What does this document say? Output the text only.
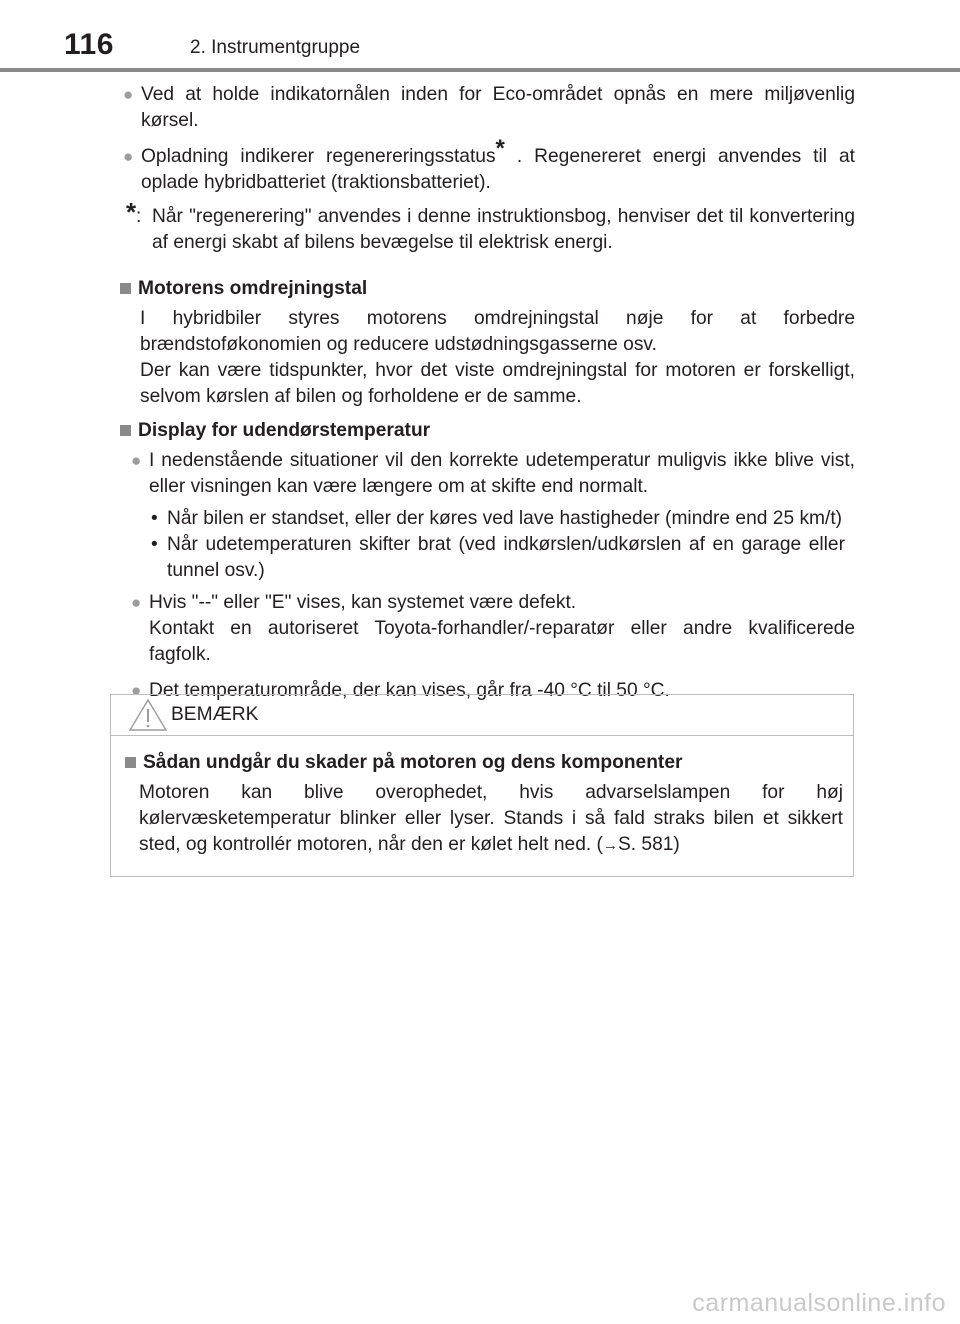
116	2. Instrumentgruppe
● Ved at holde indikatornålen inden for Eco-området opnås en mere miljøvenlig kørsel.
● Opladning indikerer regenereringsstatus* . Regenereret energi anvendes til at oplade hybridbatteriet (traktionsbatteriet).
* : Når "regenerering" anvendes i denne instruktionsbog, henviser det til konvertering af energi skabt af bilens bevægelse til elektrisk energi.
Motorens omdrejningstal
I hybridbiler styres motorens omdrejningstal nøje for at forbedre brændstoføkonomien og reducere udstødningsgasserne osv.
Der kan være tidspunkter, hvor det viste omdrejningstal for motoren er forskelligt, selvom kørslen af bilen og forholdene er de samme.
Display for udendørstemperatur
● I nedenstående situationer vil den korrekte udetemperatur muligvis ikke blive vist, eller visningen kan være længere om at skifte end normalt.
• Når bilen er standset, eller der køres ved lave hastigheder (mindre end 25 km/t)
• Når udetemperaturen skifter brat (ved indkørslen/udkørslen af en garage eller tunnel osv.)
● Hvis "--" eller "E" vises, kan systemet være defekt.
Kontakt en autoriseret Toyota-forhandler/-reparatør eller andre kvalificerede fagfolk.
● Det temperaturområde, der kan vises, går fra -40 °C til 50 °C.
BEMÆRK
Sådan undgår du skader på motoren og dens komponenter
Motoren kan blive overophedet, hvis advarselslampen for høj kølervæsketemperatur blinker eller lyser. Stands i så fald straks bilen et sikkert sted, og kontrollér motoren, når den er kølet helt ned. (→S. 581)
carmanualsonline.info
